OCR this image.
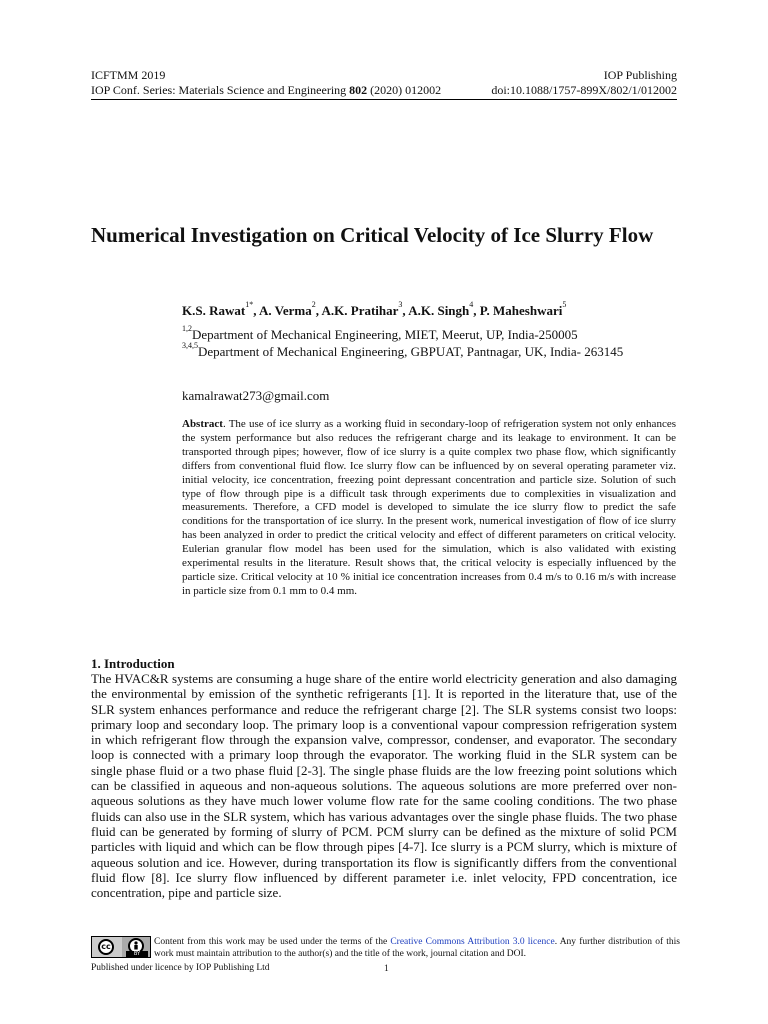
ICFTMM 2019	IOP Publishing
IOP Conf. Series: Materials Science and Engineering 802 (2020) 012002	doi:10.1088/1757-899X/802/1/012002
Numerical Investigation on Critical Velocity of Ice Slurry Flow
K.S. Rawat$^{1*}$, A. Verma$^2$, A.K. Pratihar$^3$, A.K. Singh$^4$, P. Maheshwari$^5$
$^{1,2}$Department of Mechanical Engineering, MIET, Meerut, UP, India-250005
$^{3,4,5}$Department of Mechanical Engineering, GBPUAT, Pantnagar, UK, India- 263145
kamalrawat273@gmail.com
Abstract. The use of ice slurry as a working fluid in secondary-loop of refrigeration system not only enhances the system performance but also reduces the refrigerant charge and its leakage to environment. It can be transported through pipes; however, flow of ice slurry is a quite complex two phase flow, which significantly differs from conventional fluid flow. Ice slurry flow can be influenced by on several operating parameter viz. initial velocity, ice concentration, freezing point depressant concentration and particle size. Solution of such type of flow through pipe is a difficult task through experiments due to complexities in visualization and measurements. Therefore, a CFD model is developed to simulate the ice slurry flow to predict the safe conditions for the transportation of ice slurry. In the present work, numerical investigation of flow of ice slurry has been analyzed in order to predict the critical velocity and effect of different parameters on critical velocity. Eulerian granular flow model has been used for the simulation, which is also validated with existing experimental results in the literature. Result shows that, the critical velocity is especially influenced by the particle size. Critical velocity at 10 % initial ice concentration increases from 0.4 m/s to 0.16 m/s with increase in particle size from 0.1 mm to 0.4 mm.
1. Introduction
The HVAC&R systems are consuming a huge share of the entire world electricity generation and also damaging the environmental by emission of the synthetic refrigerants [1]. It is reported in the literature that, use of the SLR system enhances performance and reduce the refrigerant charge [2]. The SLR systems consist two loops: primary loop and secondary loop. The primary loop is a conventional vapour compression refrigeration system in which refrigerant flow through the expansion valve, compressor, condenser, and evaporator. The secondary loop is connected with a primary loop through the evaporator. The working fluid in the SLR system can be single phase fluid or a two phase fluid [2-3]. The single phase fluids are the low freezing point solutions which can be classified in aqueous and non-aqueous solutions. The aqueous solutions are more preferred over non-aqueous solutions as they have much lower volume flow rate for the same cooling conditions. The two phase fluids can also use in the SLR system, which has various advantages over the single phase fluids. The two phase fluid can be generated by forming of slurry of PCM. PCM slurry can be defined as the mixture of solid PCM particles with liquid and which can be flow through pipes [4-7]. Ice slurry is a PCM slurry, which is mixture of aqueous solution and ice. However, during transportation its flow is significantly differs from the conventional fluid flow [8]. Ice slurry flow influenced by different parameter i.e. inlet velocity, FPD concentration, ice concentration, pipe and particle size.
cc
BY
Content from this work may be used under the terms of the Creative Commons Attribution 3.0 licence. Any further distribution of this work must maintain attribution to the author(s) and the title of the work, journal citation and DOI.
Published under licence by IOP Publishing Ltd	1
